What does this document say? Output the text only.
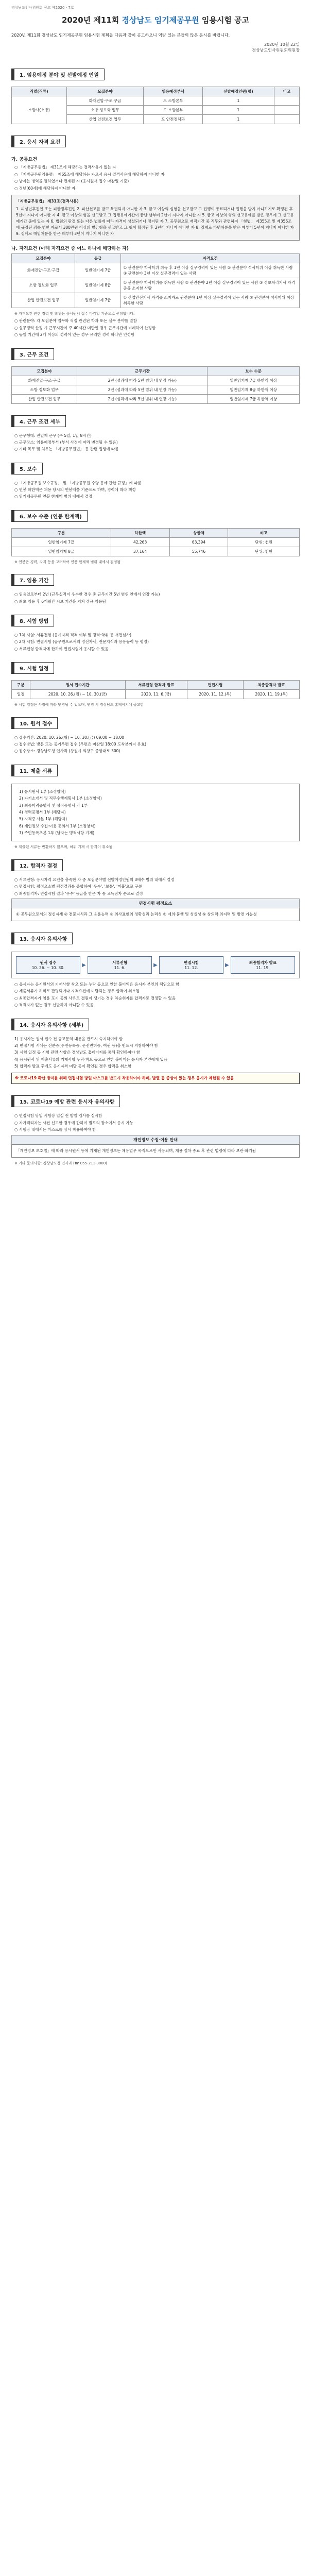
경상남도인사위원회 공고 제2020 - 7호
2020년 제11회 경상남도 임기제공무원 임용시험 공고
2020년 제11회 경상남도 임기제공무원 임용시험 계획을 다음과 같이 공고하오니 역량 있는 분들의 많은 응시를 바랍니다.
2020년 10월 22일
경상남도인사위원회위원장
1. 임용예정 분야 및 선발예정 인원
직렬(직류)	모집분야	임용예정부서	선발예정인원(명)	비고
소방사(소방)	화재진압·구조·구급	도 소방본부	1	
	소방 정보화 업무	도 소방본부	1	
	산업 안전보건 업무	도 안전정책과	1	
2. 응시 자격 요건
가. 공통요건
○ 「지방공무원법」 제31조에 해당하는 결격사유가 없는 자
○ 「지방공무원임용령」 제65조에 해당하는 자로서 응시 결격사유에 해당하지 아니한 자
○ 남자는 병역을 필하였거나 면제된 자 (응시원서 접수 마감일 기준)
○ 정년(60세)에 해당하지 아니한 자
「지방공무원법」 제31조(결격사유)
1. 피성년후견인 또는 피한정후견인 2. 파산선고를 받고 복권되지 아니한 자 3. 금고 이상의 실형을 선고받고 그 집행이 종료되거나 집행을 받지 아니하기로 확정된 후 5년이 지나지 아니한 자 4. 금고 이상의 형을 선고받고 그 집행유예기간이 끝난 날부터 2년이 지나지 아니한 자 5. 금고 이상의 형의 선고유예를 받은 경우에 그 선고유예기간 중에 있는 자 6. 법원의 판결 또는 다른 법률에 따라 자격이 상실되거나 정지된 자 7. 공무원으로 재직기간 중 직무와 관련하여 「형법」 제355조 및 제356조에 규정된 죄를 범한 자로서 300만원 이상의 벌금형을 선고받고 그 형이 확정된 후 2년이 지나지 아니한 자 8. 징계로 파면처분을 받은 때부터 5년이 지나지 아니한 자 9. 징계로 해임처분을 받은 때부터 3년이 지나지 아니한 자
나. 자격요건 (아래 자격요건 중 어느 하나에 해당하는 자)
모집분야	등급	자격요건
화재진압·구조·구급	일반임기제 7급	① 관련분야 학사학위 취득 후 1년 이상 실무경력이 있는 사람 ② 관련분야 석사학위 이상 취득한 사람 ③ 관련분야 3년 이상 실무경력이 있는 사람
소방 정보화 업무	일반임기제 8급	① 관련분야 학사학위를 취득한 사람 ② 관련분야 2년 이상 실무경력이 있는 사람 ③ 정보처리기사 자격증을 소지한 사람
산업 안전보건 업무	일반임기제 7급	① 산업안전기사 자격증 소지자로 관련분야 1년 이상 실무경력이 있는 사람 ② 관련분야 석사학위 이상 취득한 사람
※ 자격요건 관련 경력 및 학위는 응시원서 접수 마감일 기준으로 산정합니다.
○ 관련분야: 각 모집분야 업무와 직접 관련된 학과 또는 실무 분야를 말함
○ 실무경력 산정 시 근무시간이 주 40시간 미만인 경우 근무시간에 비례하여 산정함
○ 동일 기간에 2개 이상의 경력이 있는 경우 유리한 경력 하나만 인정함
3. 근무 조건
모집분야	근무기간	보수 수준
화재진압·구조·구급	2년 (성과에 따라 5년 범위 내 연장 가능)	일반임기제 7급 하한액 이상
소방 정보화 업무	2년 (성과에 따라 5년 범위 내 연장 가능)	일반임기제 8급 하한액 이상
산업 안전보건 업무	2년 (성과에 따라 5년 범위 내 연장 가능)	일반임기제 7급 하한액 이상
4. 근무 조건 세부
○ 근무형태: 전일제 근무 (주 5일, 1일 8시간)
○ 근무장소: 임용예정부서 (부서 사정에 따라 변경될 수 있음)
○ 기타 복무 및 처우는 「지방공무원법」 등 관련 법령에 따름
5. 보수
○ 「지방공무원 보수규정」 및 「지방공무원 수당 등에 관한 규정」에 따름
○ 연봉 하한액은 채용 당시의 연봉액을 기준으로 하며, 경력에 따라 책정
○ 임기제공무원 연봉 한계액 범위 내에서 결정
6. 보수 수준 (연봉 한계액)
구분	하한액	상한액	비고
일반임기제 7급	42,263	63,394	단위: 천원
일반임기제 8급	37,164	55,746	단위: 천원
※ 연봉은 경력, 자격 등을 고려하여 연봉 한계액 범위 내에서 결정됨
7. 임용 기간
○ 임용일로부터 2년 (근무실적이 우수한 경우 총 근무기간 5년 범위 안에서 연장 가능)
○ 최초 임용 후 6개월간 시보 기간을 거쳐 정규 임용됨
8. 시험 방법
○ 1차 시험: 서류전형 (응시자격 적격 여부 및 경력·학위 등 서면심사)
○ 2차 시험: 면접시험 (공무원으로서의 정신자세, 전문지식과 응용능력 등 평정)
○ 서류전형 합격자에 한하여 면접시험에 응시할 수 있음
9. 시험 일정
구분	원서 접수기간	서류전형 합격자 발표	면접시험	최종합격자 발표
일정	2020. 10. 26.(월) ~ 10. 30.(금)	2020. 11. 6.(금)	2020. 11. 12.(목)	2020. 11. 19.(목)
※ 시험 일정은 사정에 따라 변경될 수 있으며, 변경 시 경상남도 홈페이지에 공고함
10. 원서 접수
○ 접수기간: 2020. 10. 26.(월) ~ 10. 30.(금) 09:00 ~ 18:00
○ 접수방법: 방문 또는 등기우편 접수 (우편은 마감일 18:00 도착분까지 유효)
○ 접수장소: 경상남도청 인사과 (창원시 의창구 중앙대로 300)
11. 제출 서류
1) 응시원서 1부 (소정양식)
2) 자기소개서 및 직무수행계획서 1부 (소정양식)
3) 최종학력증명서 및 성적증명서 각 1부
4) 경력증명서 1부 (해당자)
5) 자격증 사본 1부 (해당자)
6) 개인정보 수집·이용 동의서 1부 (소정양식)
7) 주민등록초본 1부 (남자는 병적사항 기재)
※ 제출된 서류는 반환하지 않으며, 허위 기재 시 합격이 취소됨
12. 합격자 결정
○ 서류전형: 응시자격 요건을 충족한 자 중 모집분야별 선발예정인원의 3배수 범위 내에서 결정
○ 면접시험: 평정요소별 평정결과를 종합하여 '우수', '보통', '미흡'으로 구분
○ 최종합격자: 면접시험 결과 '우수' 등급을 받은 자 중 고득점자 순으로 결정
면접시험 평정요소
① 공무원으로서의 정신자세 ② 전문지식과 그 응용능력 ③ 의사표현의 정확성과 논리성 ④ 예의·품행 및 성실성 ⑤ 창의력·의지력 및 발전 가능성
13. 응시자 유의사항
원서 접수
10. 26. ~ 10. 30.	▶	서류전형
11. 6.	▶	면접시험
11. 12.	▶	최종합격자 발표
11. 19.
○ 응시자는 응시원서의 기재사항 착오 또는 누락 등으로 인한 불이익은 응시자 본인의 책임으로 함
○ 제출서류가 허위로 판명되거나 자격요건에 미달되는 경우 합격이 취소됨
○ 최종합격자가 임용 포기 등의 사유로 결원이 생기는 경우 차순위자를 합격자로 결정할 수 있음
○ 적격자가 없는 경우 선발하지 아니할 수 있음
14. 응시자 유의사항 (세부)
1) 응시자는 원서 접수 전 공고문의 내용을 반드시 숙지하여야 함
2) 면접시험 시에는 신분증(주민등록증, 운전면허증, 여권 등)을 반드시 지참하여야 함
3) 시험 일정 등 시험 관련 사항은 경상남도 홈페이지를 통해 확인하여야 함
4) 응시원서 및 제출서류의 기재사항 누락·착오 등으로 인한 불이익은 응시자 본인에게 있음
5) 합격자 발표 후에도 응시자격 미달 등이 확인될 경우 합격을 취소함
※ 코로나19 확산 방지를 위해 면접시험 당일 마스크를 반드시 착용하여야 하며, 발열 등 증상이 있는 경우 응시가 제한될 수 있음
15. 코로나19 예방 관련 응시자 유의사항
○ 면접시험 당일 시험장 입실 전 발열 검사를 실시함
○ 자가격리자는 사전 신고한 경우에 한하여 별도의 장소에서 응시 가능
○ 시험장 내에서는 마스크를 상시 착용하여야 함
개인정보 수집·이용 안내
「개인정보 보호법」에 따라 응시원서 등에 기재된 개인정보는 채용업무 목적으로만 사용되며, 채용 절차 종료 후 관련 법령에 따라 보관·파기됨
※ 기타 문의사항: 경상남도청 인사과 (☎ 055-211-3000)
